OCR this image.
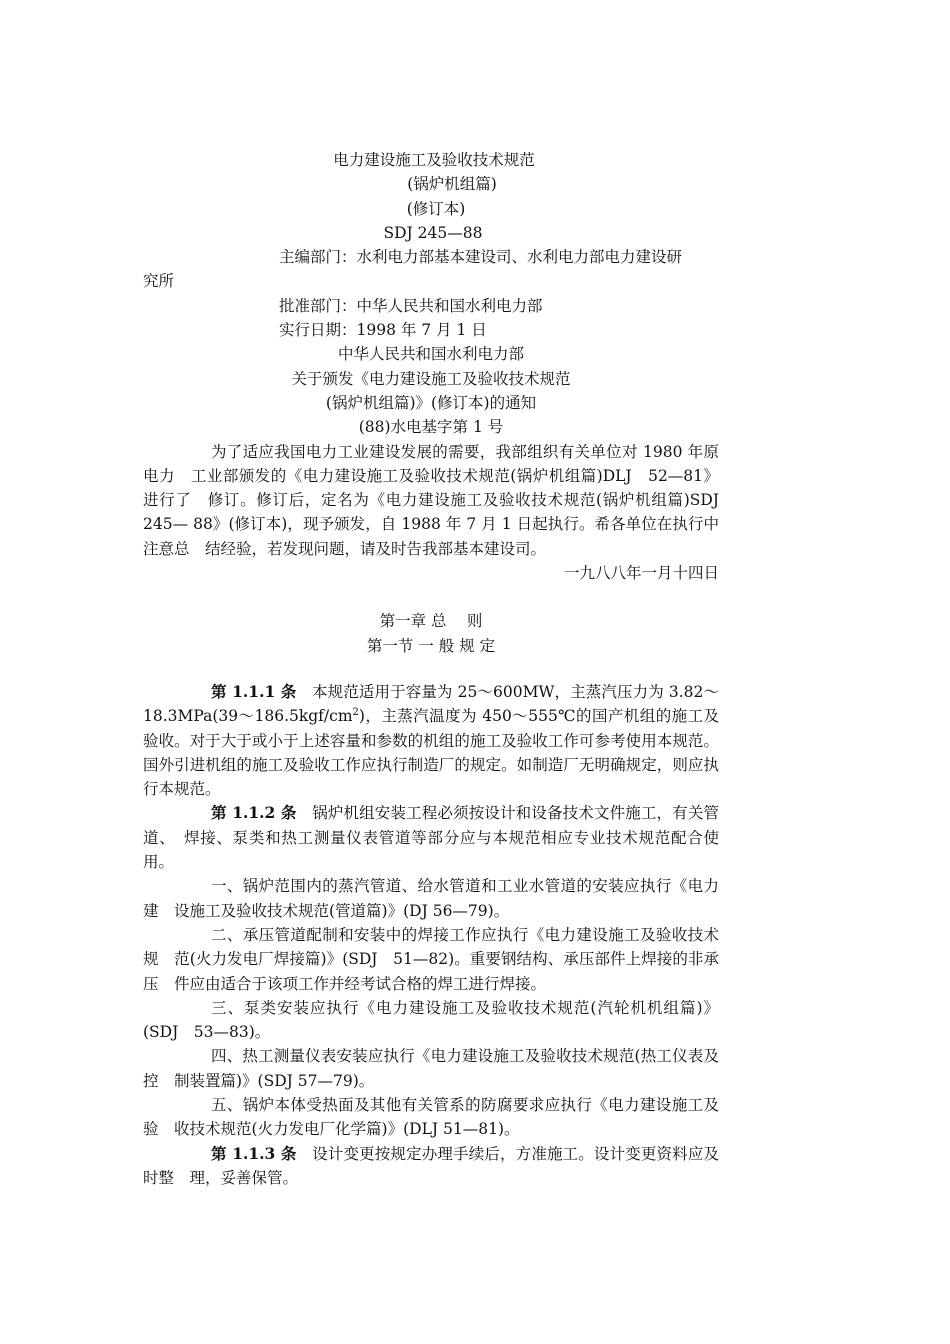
电力建设施工及验收技术规范
(锅炉机组篇)
(修订本)
SDJ 245—88
主编部门：水利电力部基本建设司、水利电力部电力建设研
究所
批准部门：中华人民共和国水利电力部
实行日期：1998 年 7 月 1 日
中华人民共和国水利电力部
关于颁发《电力建设施工及验收技术规范
(锅炉机组篇)》(修订本)的通知
(88)水电基字第 1 号
为了适应我国电力工业建设发展的需要，我部组织有关单位对 1980 年原电力　工业部颁发的《电力建设施工及验收技术规范(锅炉机组篇)DLJ　52—81》进行了　修订。修订后，定名为《电力建设施工及验收技术规范(锅炉机组篇)SDJ　245— 88》(修订本)，现予颁发，自 1988 年 7 月 1 日起执行。希各单位在执行中注意总　结经验，若发现问题，请及时告我部基本建设司。
一九八八年一月十四日
第一章 总　 则
第一节 一 般 规 定
第 1.1.1 条　本规范适用于容量为 25～600MW，主蒸汽压力为 $3.82\sim 18.3MPa(39\sim 186.5kgf/cm^2)$，主蒸汽温度为 450～555℃的国产机组的施工及验收。对于大于或小于上述容量和参数的机组的施工及验收工作可参考使用本规范。国外引进机组的施工及验收工作应执行制造厂的规定。如制造厂无明确规定，则应执行本规范。
第 1.1.2 条　锅炉机组安装工程必须按设计和设备技术文件施工，有关管道、　焊接、泵类和热工测量仪表管道等部分应与本规范相应专业技术规范配合使用。
一、锅炉范围内的蒸汽管道、给水管道和工业水管道的安装应执行《电力建　设施工及验收技术规范(管道篇)》(DJ 56—79)。
二、承压管道配制和安装中的焊接工作应执行《电力建设施工及验收技术规　范(火力发电厂焊接篇)》(SDJ　51—82)。重要钢结构、承压部件上焊接的非承压　件应由适合于该项工作并经考试合格的焊工进行焊接。
三、泵类安装应执行《电力建设施工及验收技术规范(汽轮机机组篇)》(SDJ　53—83)。
四、热工测量仪表安装应执行《电力建设施工及验收技术规范(热工仪表及控　制装置篇)》(SDJ 57—79)。
五、锅炉本体受热面及其他有关管系的防腐要求应执行《电力建设施工及验　收技术规范(火力发电厂化学篇)》(DLJ 51—81)。
第 1.1.3 条　设计变更按规定办理手续后，方准施工。设计变更资料应及时整　理，妥善保管。
